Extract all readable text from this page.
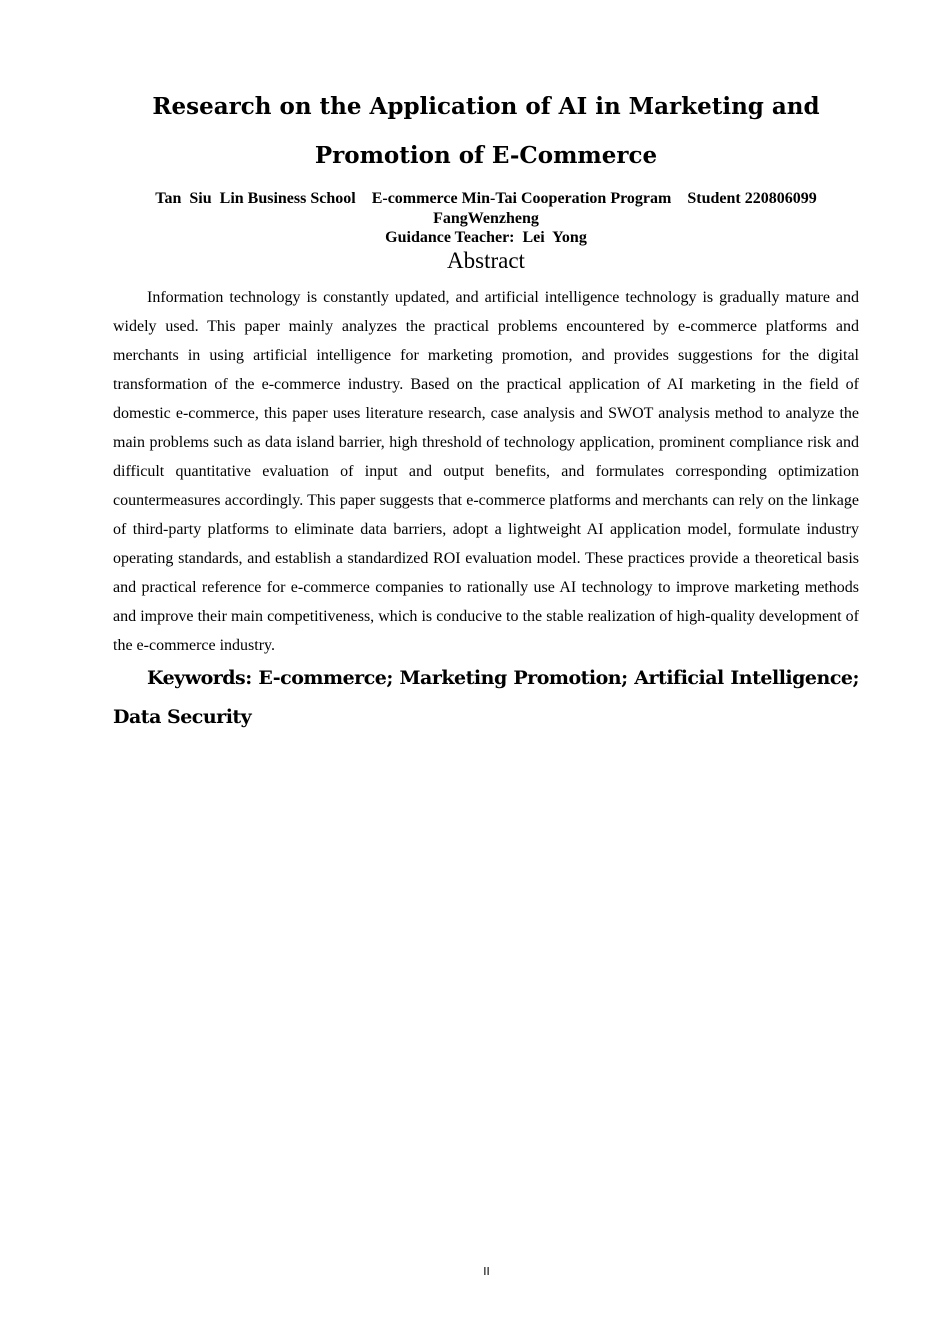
Research on the Application of AI in Marketing and
Promotion of E-Commerce
Tan  Siu  Lin Business School    E-commerce Min-Tai Cooperation Program    Student 220806099
FangWenzheng
Guidance Teacher:  Lei  Yong
Abstract

Information technology is constantly updated, and artificial intelligence technology is gradually mature and widely used. This paper mainly analyzes the practical problems encountered by e-commerce platforms and merchants in using artificial intelligence for marketing promotion, and provides suggestions for the digital transformation of the e-commerce industry. Based on the practical application of AI marketing in the field of domestic e-commerce, this paper uses literature research, case analysis and SWOT analysis method to analyze the main problems such as data island barrier, high threshold of technology application, prominent compliance risk and difficult quantitative evaluation of input and output benefits, and formulates corresponding optimization countermeasures accordingly. This paper suggests that e-commerce platforms and merchants can rely on the linkage of third-party platforms to eliminate data barriers, adopt a lightweight AI application model, formulate industry operating standards, and establish a standardized ROI evaluation model. These practices provide a theoretical basis and practical reference for e-commerce companies to rationally use AI technology to improve marketing methods and improve their main competitiveness, which is conducive to the stable realization of high-quality development of the e-commerce industry.

Keywords: E-commerce; Marketing Promotion; Artificial Intelligence; Data Security

II
